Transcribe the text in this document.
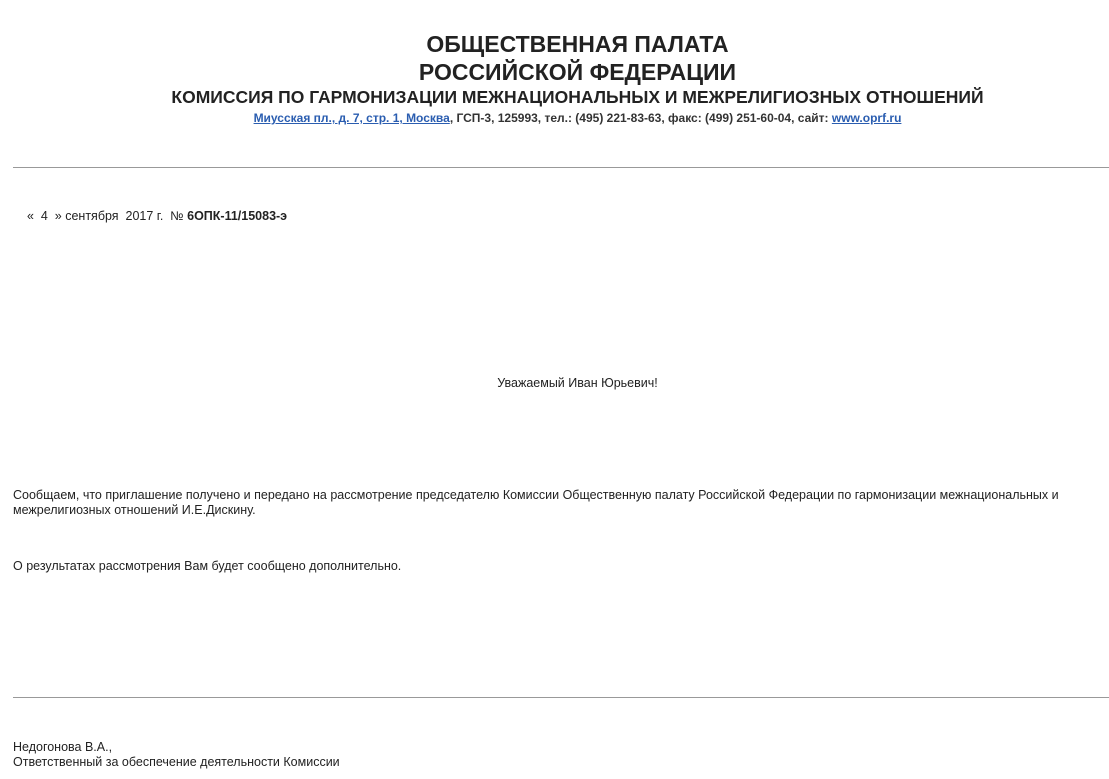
ОБЩЕСТВЕННАЯ ПАЛАТА
РОССИЙСКОЙ ФЕДЕРАЦИИ
КОМИССИЯ ПО ГАРМОНИЗАЦИИ МЕЖНАЦИОНАЛЬНЫХ И МЕЖРЕЛИГИОЗНЫХ ОТНОШЕНИЙ
Миусская пл., д. 7, стр. 1, Москва, ГСП-3, 125993, тел.: (495) 221-83-63, факс: (499) 251-60-04, сайт: www.oprf.ru
«  4  » сентября  2017 г.  № 6ОПК-11/15083-э
Уважаемый Иван Юрьевич!
Сообщаем, что приглашение получено и передано на рассмотрение председателю Комиссии Общественную палату Российской Федерации по гармонизации межнациональных и межрелигиозных отношений И.Е.Дискину.
О результатах рассмотрения Вам будет сообщено дополнительно.
Недогонова В.А.,
Ответственный за обеспечение деятельности Комиссии
